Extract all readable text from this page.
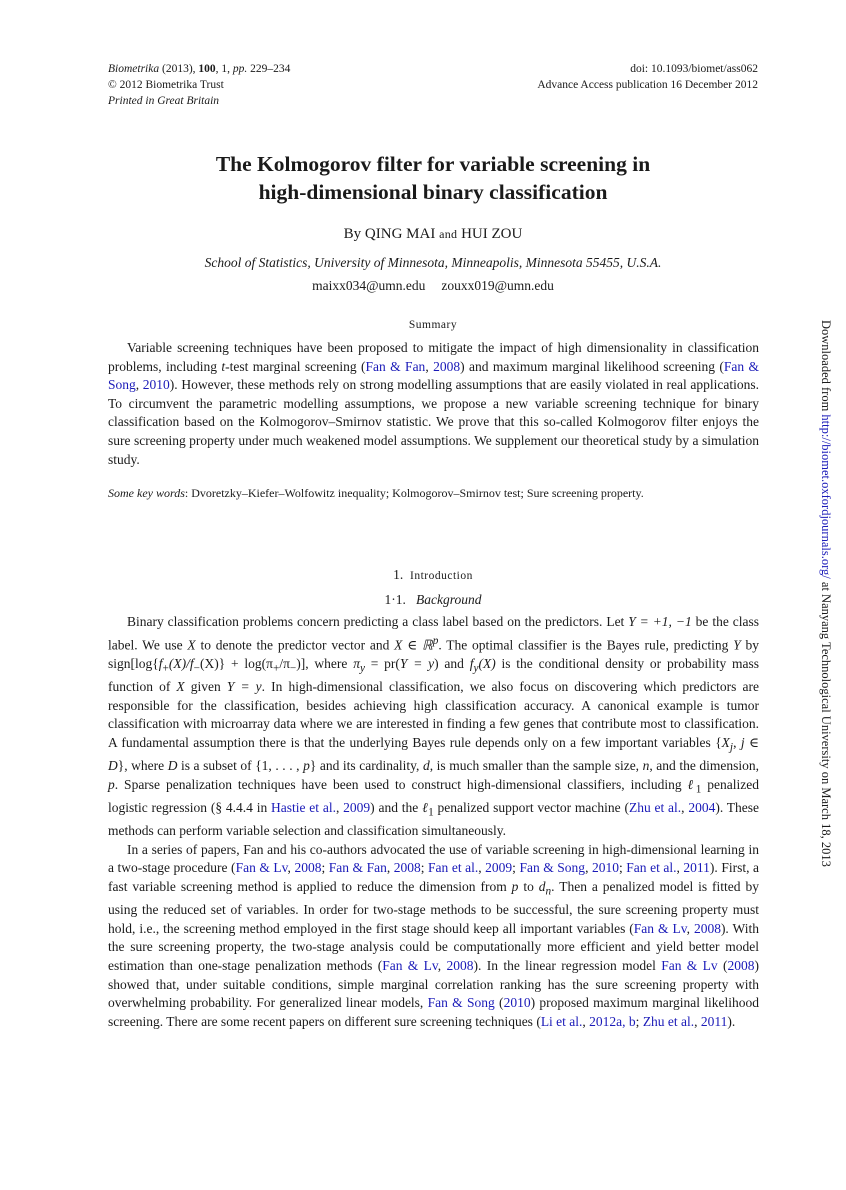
Biometrika (2013), 100, 1, pp. 229–234
© 2012 Biometrika Trust
Printed in Great Britain
doi: 10.1093/biomet/ass062
Advance Access publication 16 December 2012
The Kolmogorov filter for variable screening in
high-dimensional binary classification
By QING MAI and HUI ZOU
School of Statistics, University of Minnesota, Minneapolis, Minnesota 55455, U.S.A.
maixx034@umn.edu zouxx019@umn.edu
Summary

Variable screening techniques have been proposed to mitigate the impact of high dimensionality in classification problems, including t-test marginal screening (Fan & Fan, 2008) and maximum marginal likelihood screening (Fan & Song, 2010). However, these methods rely on strong modelling assumptions that are easily violated in real applications. To circumvent the parametric modelling assumptions, we propose a new variable screening technique for binary classification based on the Kolmogorov–Smirnov statistic. We prove that this so-called Kolmogorov filter enjoys the sure screening property under much weakened model assumptions. We supplement our theoretical study by a simulation study.

Some key words: Dvoretzky–Kiefer–Wolfowitz inequality; Kolmogorov–Smirnov test; Sure screening property.
1. Introduction
1·1. Background

Binary classification problems concern predicting a class label based on the predictors. Let Y = +1, −1 be the class label. We use X to denote the predictor vector and X ∈ ℝ$^p$. The optimal classifier is the Bayes rule, predicting Y by $sign[\log\{f_+(X)/f_-(X)\} + \log(\pi_+/\pi_-)]$, where $\pi_y = pr(Y = y)$ and $f_y(X)$ is the conditional density or probability mass function of X given Y = y. In high-dimensional classification, we also focus on discovering which predictors are responsible for the classification, besides achieving high classification accuracy. A canonical example is tumor classification with microarray data where we are interested in finding a few genes that contribute most to classification. A fundamental assumption there is that the underlying Bayes rule depends only on a few important variables {$X_j$, j ∈ D}, where D is a subset of {1, . . . , p} and its cardinality, d, is much smaller than the sample size, n, and the dimension, p. Sparse penalization techniques have been used to construct high-dimensional classifiers, including ℓ$_1$ penalized logistic regression (§ 4.4.4 in Hastie et al., 2009) and the ℓ$_1$ penalized support vector machine (Zhu et al., 2004). These methods can perform variable selection and classification simultaneously.

In a series of papers, Fan and his co-authors advocated the use of variable screening in high-dimensional learning in a two-stage procedure (Fan & Lv, 2008; Fan & Fan, 2008; Fan et al., 2009; Fan & Song, 2010; Fan et al., 2011). First, a fast variable screening method is applied to reduce the dimension from p to $d_n$. Then a penalized model is fitted by using the reduced set of variables. In order for two-stage methods to be successful, the sure screening property must hold, i.e., the screening method employed in the first stage should keep all important variables (Fan & Lv, 2008). With the sure screening property, the two-stage analysis could be computationally more efficient and yield better model estimation than one-stage penalization methods (Fan & Lv, 2008). In the linear regression model Fan & Lv (2008) showed that, under suitable conditions, simple marginal correlation ranking has the sure screening property with overwhelming probability. For generalized linear models, Fan & Song (2010) proposed maximum marginal likelihood screening. There are some recent papers on different sure screening techniques (Li et al., 2012a, b; Zhu et al., 2011).

Downloaded from http://biomet.oxfordjournals.org/ at Nanyang Technological University on March 18, 2013
